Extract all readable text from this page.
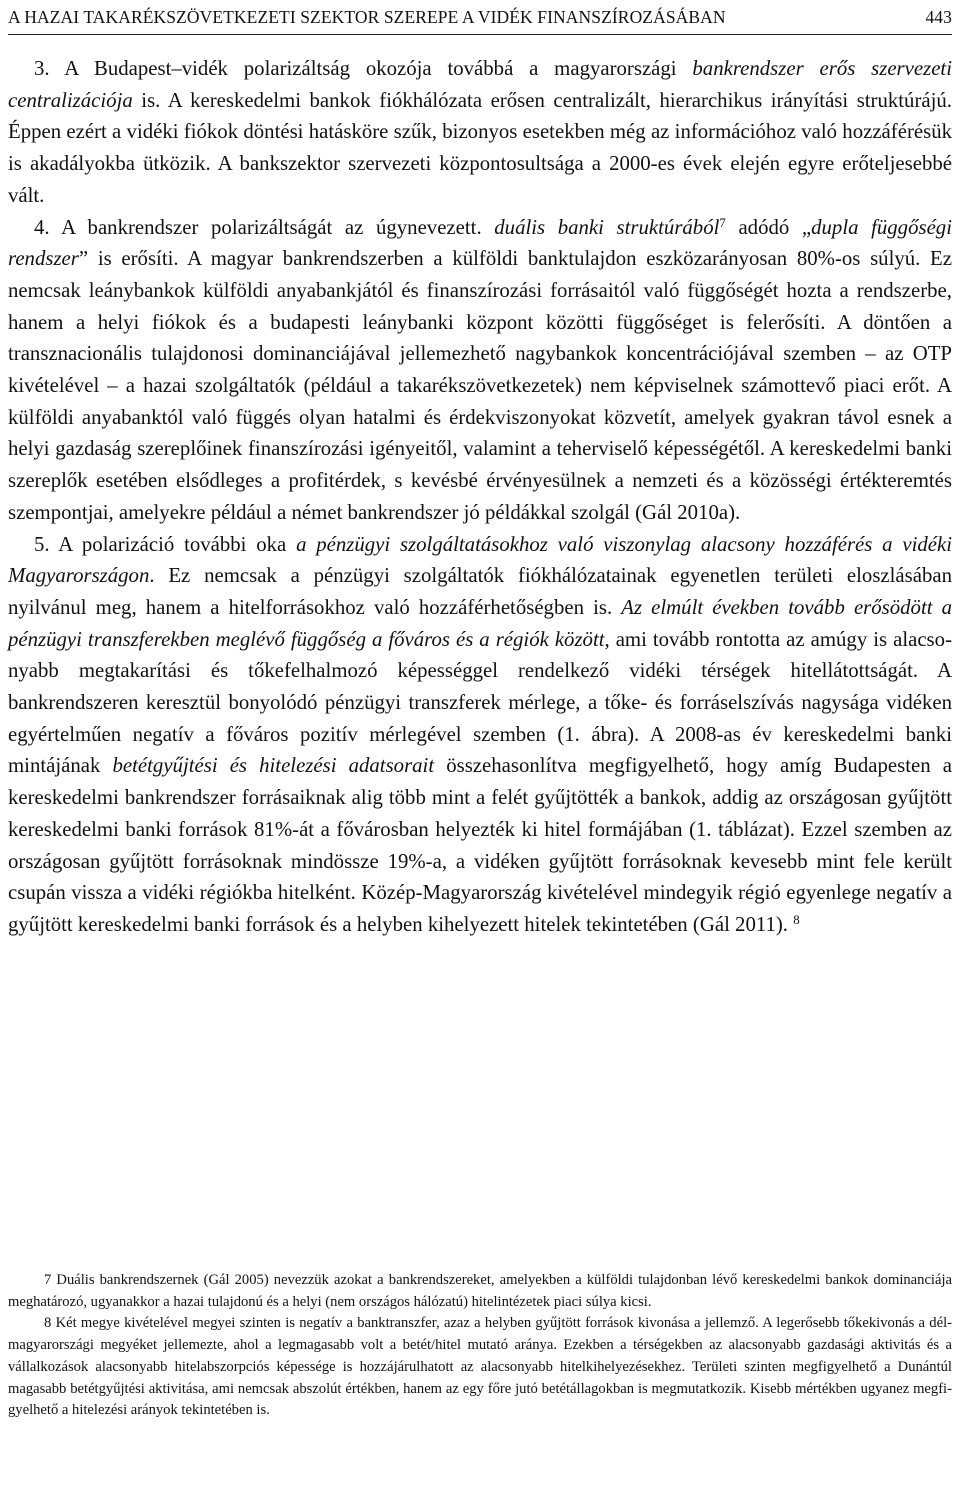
A HAZAI TAKARÉKSZÖVETKEZETI SZEKTOR SZEREPE A VIDÉK FINANSZÍROZÁSÁBAN	443

3. A Budapest–vidék polarizáltság okozója továbbá a magyarországi bankrendszer erős szervezeti centralizációja is. A kereskedelmi bankok fiókhálózata erősen centralizált, hierarchikus irányítási struktúrájú. Éppen ezért a vidéki fiókok döntési hatásköre szűk, bizonyos esetekben még az információhoz való hozzáférésük is akadályokba ütközik. A bankszektor szervezeti központosultsága a 2000-es évek elején egyre erőteljesebbé vált.

4. A bankrendszer polarizáltságát az úgynevezett. duális banki struktúrából$^7$ adódó „dupla függőségi rendszer” is erősíti. A magyar bankrendszerben a külföldi banktulajdon eszközarányosan 80%-os súlyú. Ez nemcsak leánybankok külföldi anyabankjától és finanszírozási forrásaitól való függőségét hozta a rendszerbe, hanem a helyi fiókok és a budapesti leánybanki központ közötti függőséget is felerősíti. A döntően a transznacionális tulajdonosi dominanciájával jellemezhető nagybankok koncentrációjával szemben – az OTP kivételével – a hazai szolgáltatók (például a takarékszövetkezetek) nem képviselnek számottevő piaci erőt. A külföldi anyabanktól való függés olyan hatalmi és érdekviszonyokat közvetít, amelyek gyakran távol esnek a helyi gazdaság szereplőinek finanszírozási igényeitől, valamint a teherviselő képességétől. A kereskedelmi banki szereplők esetében elsődleges a profitérdek, s kevésbé érvényesülnek a nemzeti és a közösségi értékteremtés szempontjai, amelyekre például a német bankrendszer jó példákkal szolgál (Gál 2010a).

5. A polarizáció további oka a pénzügyi szolgáltatásokhoz való viszonylag alacsony hozzáférés a vidéki Magyarországon. Ez nemcsak a pénzügyi szolgáltatók fiókhálózatainak egyenetlen területi eloszlásában nyilvánul meg, hanem a hitelforrásokhoz való hozzáférhetőségben is. Az elmúlt években tovább erősödött a pénzügyi transzferekben meglévő függőség a főváros és a régiók között, ami tovább rontotta az amúgy is alacsonyabb megtakarítási és tőkefelhalmozó képességgel rendelkező vidéki térségek hitellátottságát. A bankrendszeren keresztül bonyolódó pénzügyi transzferek mérlege, a tőke- és forráselszívás nagysága vidéken egyértelműen negatív a főváros pozitív mérlegével szemben (1. ábra). A 2008-as év kereskedelmi banki mintájának betétgyűjtési és hitelezési adatsorait összehasonlítva megfigyelhető, hogy amíg Budapesten a kereskedelmi bankrendszer forrásaiknak alig több mint a felét gyűjtötték a bankok, addig az országosan gyűjtött kereskedelmi banki források 81%-át a fővárosban helyezték ki hitel formájában (1. táblázat). Ezzel szemben az országosan gyűjtött forrásoknak mindössze 19%-a, a vidéken gyűjtött forrásoknak kevesebb mint fele került csupán vissza a vidéki régiókba hitelként. Közép-Magyarország kivételével mindegyik régió egyenlege negatív a gyűjtött kereskedelmi banki források és a helyben kihelyezett hitelek tekintetében (Gál 2011). $^8$

7 Duális bankrendszernek (Gál 2005) nevezzük azokat a bankrendszereket, amelyekben a külföldi tulajdonban lévő kereskedelmi bankok dominanciája meghatározó, ugyanakkor a hazai tulajdonú és a helyi (nem országos hálózatú) hitelintézetek piaci súlya kicsi.

8 Két megye kivételével megyei szinten is negatív a banktranszfer, azaz a helyben gyűjtött források kivonása a jellemző. A legerősebb tőkekivonás a dél-magyarországi megyéket jellemezte, ahol a legmagasabb volt a betét/hitel mutató aránya. Ezekben a térségekben az alacsonyabb gazdasági aktivitás és a vállalkozások alacsonyabb hitelabszorpciós képessége is hozzájárulhatott az alacsonyabb hitelkihelyezésekhez. Területi szinten megfigyelhető a Dunántúl magasabb betétgyűjtési aktivitása, ami nemcsak abszolút értékben, hanem az egy főre jutó betétállagokban is megmutatkozik. Kisebb mértékben ugyanez megfigyelhető a hitelezési arányok tekintetében is.
